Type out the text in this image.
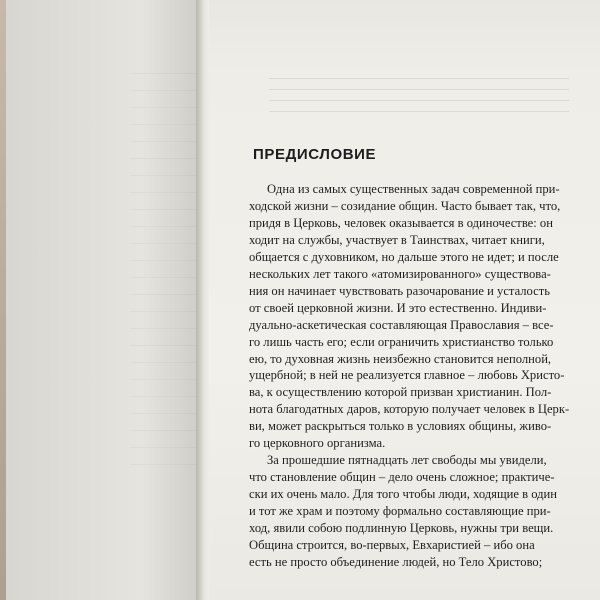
ПРЕДИСЛОВИЕ
Одна из самых существенных задач современной при-
ходской жизни – созидание общин. Часто бывает так, что,
придя в Церковь, человек оказывается в одиночестве: он
ходит на службы, участвует в Таинствах, читает книги,
общается с духовником, но дальше этого не идет; и после
нескольких лет такого «атомизированного» существова-
ния он начинает чувствовать разочарование и усталость
от своей церковной жизни. И это естественно. Индиви-
дуально-аскетическая составляющая Православия – все-
го лишь часть его; если ограничить христианство только
ею, то духовная жизнь неизбежно становится неполной,
ущербной; в ней не реализуется главное – любовь Христо-
ва, к осуществлению которой призван христианин. Пол-
нота благодатных даров, которую получает человек в Церк-
ви, может раскрыться только в условиях общины, живо-
го церковного организма.
За прошедшие пятнадцать лет свободы мы увидели,
что становление общин – дело очень сложное; практиче-
ски их очень мало. Для того чтобы люди, ходящие в один
и тот же храм и поэтому формально составляющие при-
ход, явили собою подлинную Церковь, нужны три вещи.
Община строится, во-первых, Евхаристией – ибо она
есть не просто объединение людей, но Тело Христово;
